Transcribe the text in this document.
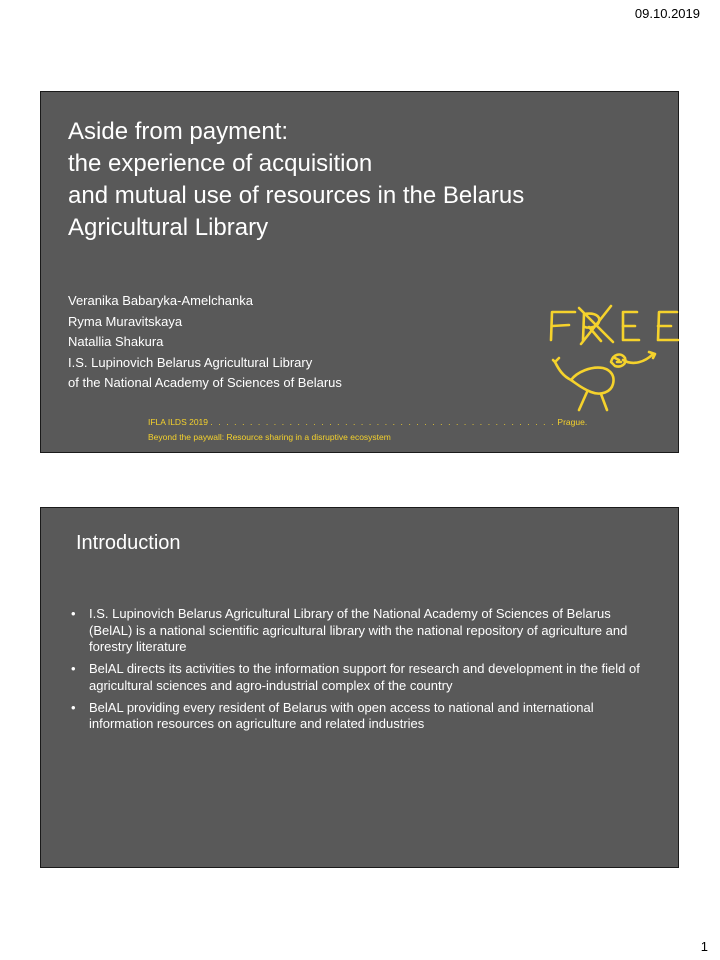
09.10.2019
Aside from payment:
the experience of acquisition
and mutual use of resources in the Belarus
Agricultural Library
Veranika Babaryka-Amelchanka
Ryma Muravitskaya
Natallia Shakura
I.S. Lupinovich Belarus Agricultural Library
of the National Academy of Sciences of Belarus
IFLA ILDS 2019 . . . . . . . . . . . . . . . . . . . . . . . . . . . . . . . . . . . . . . . . . . . . Prague.
Beyond the paywall: Resource sharing in a disruptive ecosystem
Introduction
• I.S. Lupinovich Belarus Agricultural Library of the National Academy of Sciences of Belarus (BelAL) is a national scientific agricultural library with the national repository of agriculture and forestry literature
• BelAL directs its activities to the information support for research and development in the field of agricultural sciences and agro-industrial complex of the country
• BelAL providing every resident of Belarus with open access to national and international information resources on agriculture and related industries
1
